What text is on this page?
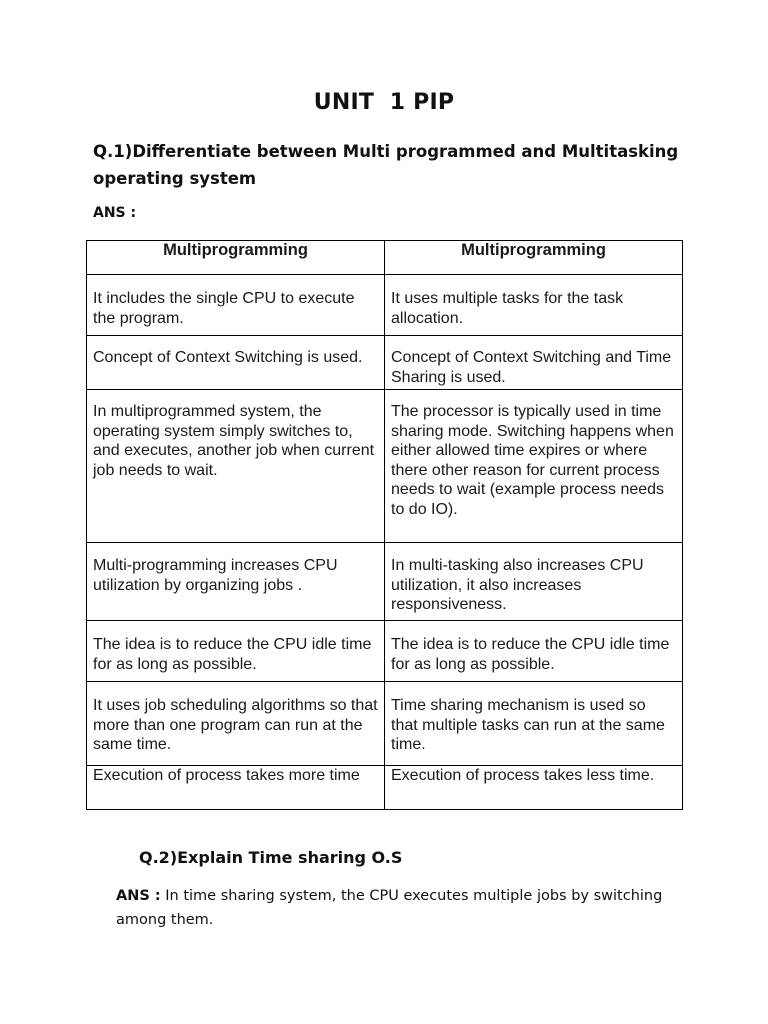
UNIT  1 PIP
Q.1)Differentiate between Multi programmed and Multitasking operating system
ANS :
Multiprogramming	Multiprogramming
It includes the single CPU to execute the program.	It uses multiple tasks for the task allocation.
Concept of Context Switching is used.	Concept of Context Switching and Time Sharing is used.
In multiprogrammed system, the operating system simply switches to, and executes, another job when current job needs to wait.	The processor is typically used in time sharing mode. Switching happens when either allowed time expires or where there other reason for current process needs to wait (example process needs to do IO).
Multi-programming increases CPU utilization by organizing jobs .	In multi-tasking also increases CPU utilization, it also increases responsiveness.
The idea is to reduce the CPU idle time for as long as possible.	The idea is to reduce the CPU idle time for as long as possible.
It uses job scheduling algorithms so that more than one program can run at the same time.	Time sharing mechanism is used so that multiple tasks can run at the same time.
Execution of process takes more time	Execution of process takes less time.
Q.2)Explain Time sharing O.S
ANS : In time sharing system, the CPU executes multiple jobs by switching among them.
